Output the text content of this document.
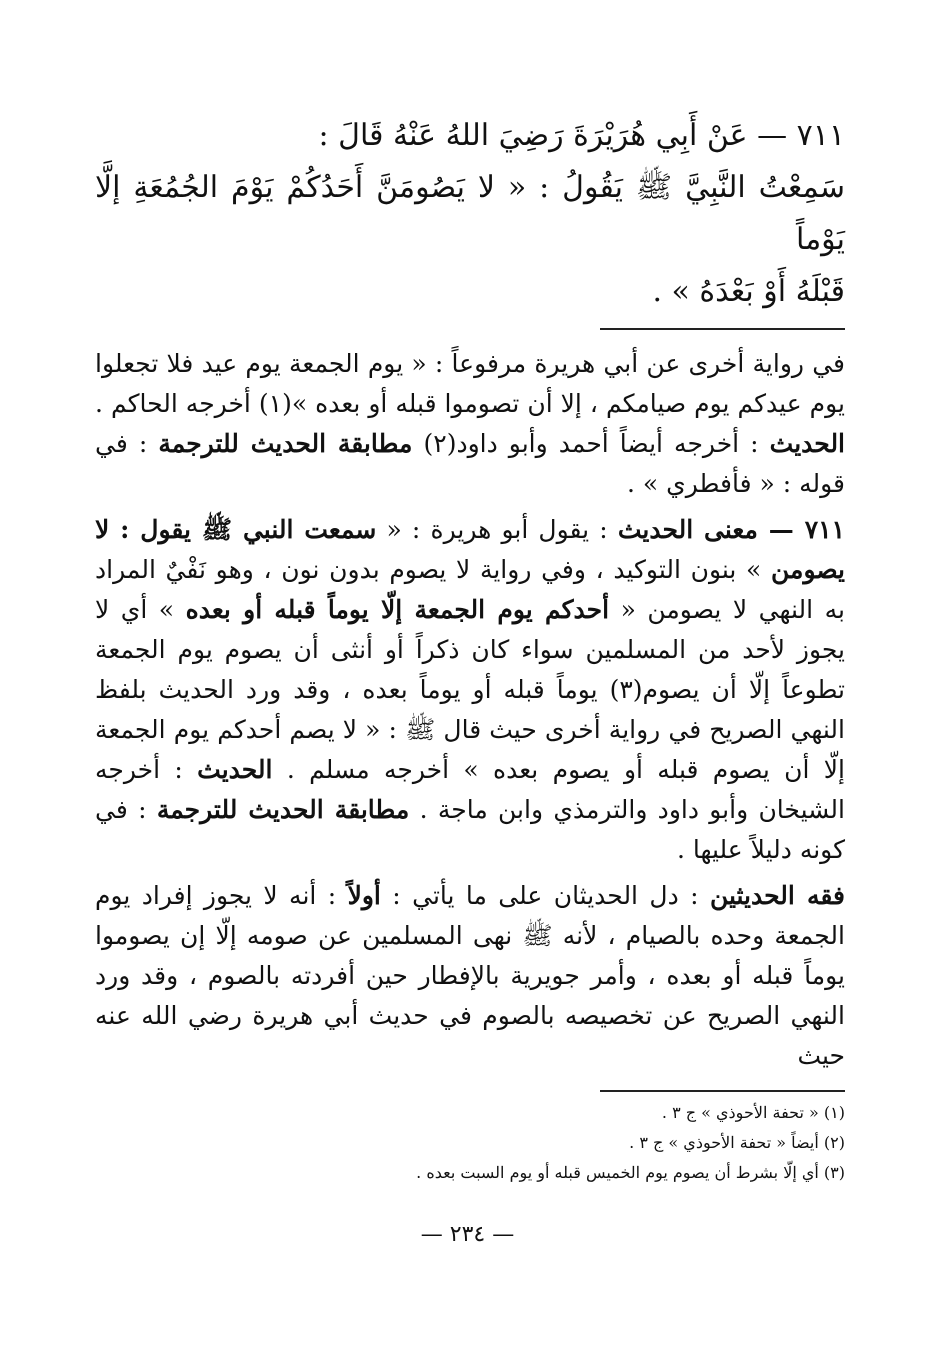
٧١١ — عَنْ أَبِي هُرَيْرَةَ رَضِيَ اللهُ عَنْهُ قَالَ :
سَمِعْتُ النَّبِيَّ ﷺ يَقُولُ : « لا يَصُومَنَّ أَحَدُكُمْ يَوْمَ الجُمُعَةِ إلَّا يَوْماً
قَبْلَهُ أَوْ بَعْدَهُ » .

في رواية أخرى عن أبي هريرة مرفوعاً : « يوم الجمعة يوم عيد فلا تجعلوا يوم عيدكم يوم صيامكم ، إلا أن تصوموا قبله أو بعده »(١) أخرجه الحاكم . الحديث : أخرجه أيضاً أحمد وأبو داود(٢) مطابقة الحديث للترجمة : في قوله : « فأفطري » .

٧١١ — معنى الحديث : يقول أبو هريرة : « سمعت النبي ﷺ يقول : لا يصومن » بنون التوكيد ، وفي رواية لا يصوم بدون نون ، وهو نَفْيٌ المراد به النهي لا يصومن « أحدكم يوم الجمعة إلّا يوماً قبله أو بعده » أي لا يجوز لأحد من المسلمين سواء كان ذكراً أو أنثى أن يصوم يوم الجمعة تطوعاً إلّا أن يصوم(٣) يوماً قبله أو يوماً بعده ، وقد ورد الحديث بلفظ النهي الصريح في رواية أخرى حيث قال ﷺ : « لا يصم أحدكم يوم الجمعة إلّا أن يصوم قبله أو يصوم بعده » أخرجه مسلم . الحديث : أخرجه الشيخان وأبو داود والترمذي وابن ماجة . مطابقة الحديث للترجمة : في كونه دليلاً عليها .

فقه الحديثين : دل الحديثان على ما يأتي : أولاً : أنه لا يجوز إفراد يوم الجمعة وحده بالصيام ، لأنه ﷺ نهى المسلمين عن صومه إلّا إن يصوموا يوماً قبله أو بعده ، وأمر جويرية بالإفطار حين أفردته بالصوم ، وقد ورد النهي الصريح عن تخصيصه بالصوم في حديث أبي هريرة رضي الله عنه حيث

(١) « تحفة الأحوذي » ج ٣ .
(٢) أيضاً « تحفة الأحوذي » ج ٣ .
(٣) أي إلّا بشرط أن يصوم يوم الخميس قبله أو يوم السبت بعده .
— ٢٣٤ —
